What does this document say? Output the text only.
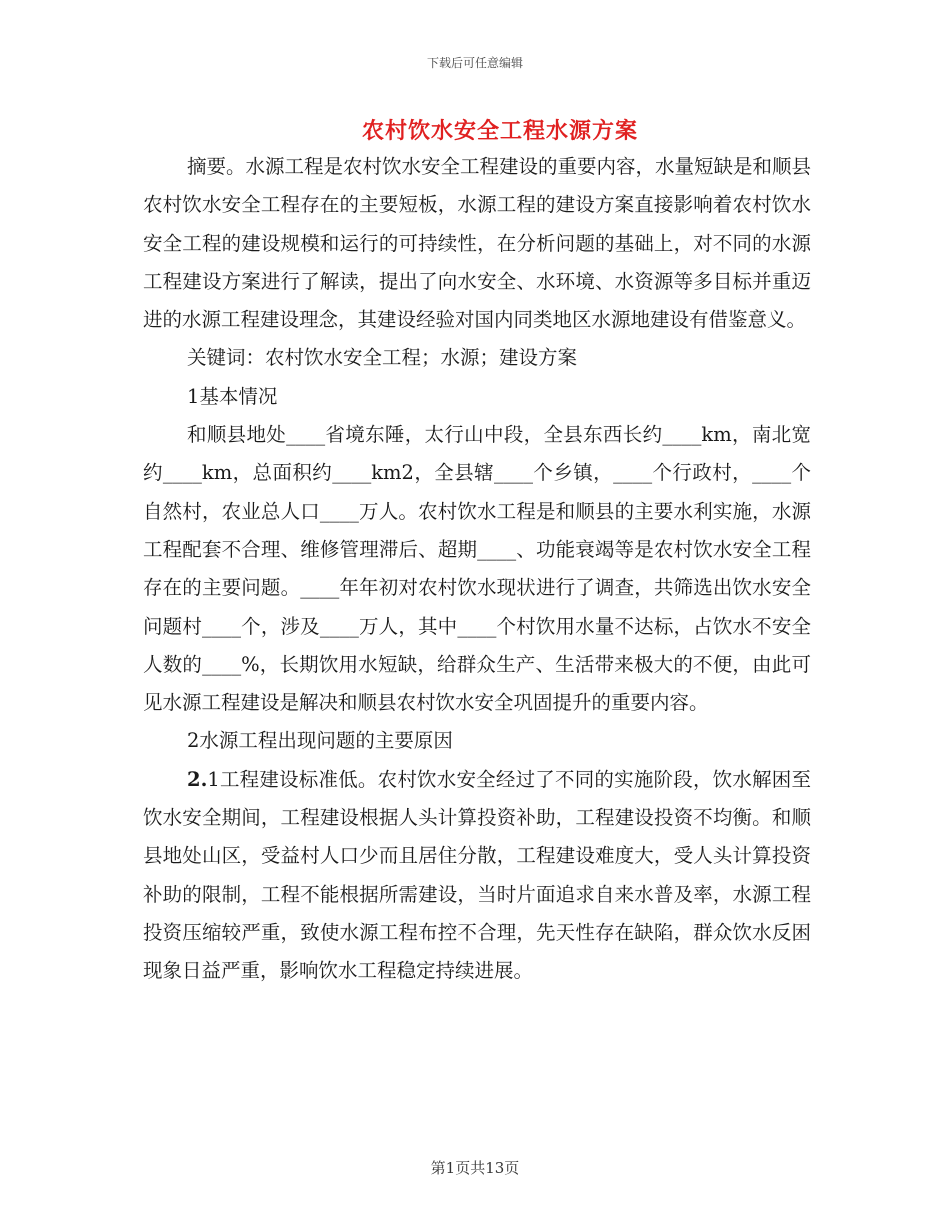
下载后可任意编辑
农村饮水安全工程水源方案

摘要。水源工程是农村饮水安全工程建设的重要内容，水量短缺是和顺县农村饮水安全工程存在的主要短板，水源工程的建设方案直接影响着农村饮水安全工程的建设规模和运行的可持续性，在分析问题的基础上，对不同的水源工程建设方案进行了解读，提出了向水安全、水环境、水资源等多目标并重迈进的水源工程建设理念，其建设经验对国内同类地区水源地建设有借鉴意义。

关键词：农村饮水安全工程；水源；建设方案

1基本情况

和顺县地处____省境东陲，太行山中段，全县东西长约____km，南北宽约____km，总面积约____km2，全县辖____个乡镇，____个行政村，____个自然村，农业总人口____万人。农村饮水工程是和顺县的主要水利实施，水源工程配套不合理、维修管理滞后、超期____、功能衰竭等是农村饮水安全工程存在的主要问题。____年年初对农村饮水现状进行了调查，共筛选出饮水安全问题村____个，涉及____万人，其中____个村饮用水量不达标，占饮水不安全人数的____%，长期饮用水短缺，给群众生产、生活带来极大的不便，由此可见水源工程建设是解决和顺县农村饮水安全巩固提升的重要内容。

2水源工程出现问题的主要原因

2.1工程建设标准低。农村饮水安全经过了不同的实施阶段，饮水解困至饮水安全期间，工程建设根据人头计算投资补助，工程建设投资不均衡。和顺县地处山区，受益村人口少而且居住分散，工程建设难度大，受人头计算投资补助的限制，工程不能根据所需建设，当时片面追求自来水普及率，水源工程投资压缩较严重，致使水源工程布控不合理，先天性存在缺陷，群众饮水反困现象日益严重，影响饮水工程稳定持续进展。

第1页共13页
